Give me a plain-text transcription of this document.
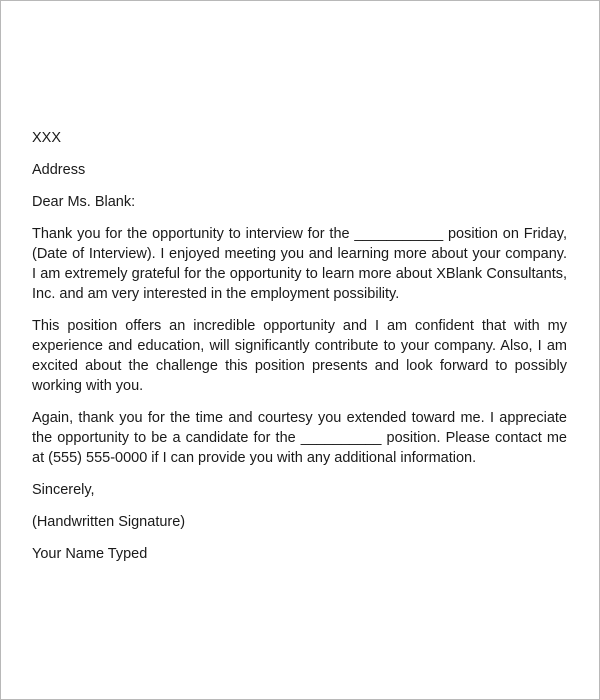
XXX
Address
Dear Ms. Blank:
Thank you for the opportunity to interview for the ___________ position on Friday, (Date of Interview). I enjoyed meeting you and learning more about your company. I am extremely grateful for the opportunity to learn more about XBlank Consultants, Inc. and am very interested in the employment possibility.
This position offers an incredible opportunity and I am confident that with my experience and education, will significantly contribute to your company. Also, I am excited about the challenge this position presents and look forward to possibly working with you.
Again, thank you for the time and courtesy you extended toward me. I appreciate the opportunity to be a candidate for the __________ position. Please contact me at (555) 555-0000 if I can provide you with any additional information.
Sincerely,
(Handwritten Signature)
Your Name Typed
